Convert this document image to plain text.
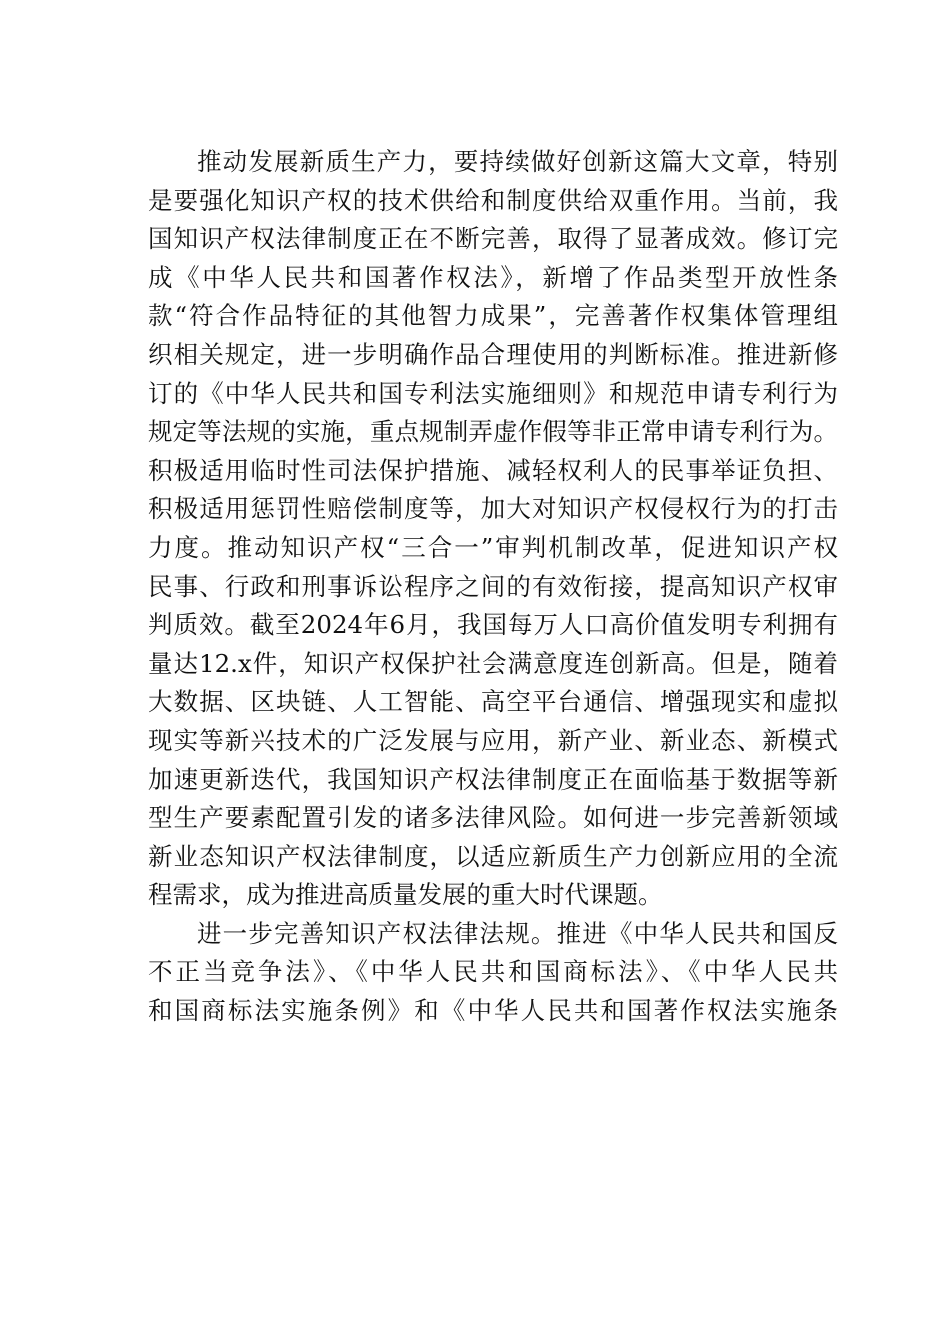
推动发展新质生产力，要持续做好创新这篇大文章，特别
是要强化知识产权的技术供给和制度供给双重作用。当前，我
国知识产权法律制度正在不断完善，取得了显著成效。修订完
成《中华人民共和国著作权法》，新增了作品类型开放性条
款“符合作品特征的其他智力成果”，完善著作权集体管理组
织相关规定，进一步明确作品合理使用的判断标准。推进新修
订的《中华人民共和国专利法实施细则》和规范申请专利行为
规定等法规的实施，重点规制弄虚作假等非正常申请专利行为。
积极适用临时性司法保护措施、减轻权利人的民事举证负担、
积极适用惩罚性赔偿制度等，加大对知识产权侵权行为的打击
力度。推动知识产权“三合一”审判机制改革，促进知识产权
民事、行政和刑事诉讼程序之间的有效衔接，提高知识产权审
判质效。截至2024年6月，我国每万人口高价值发明专利拥有
量达12.x件，知识产权保护社会满意度连创新高。但是，随着
大数据、区块链、人工智能、高空平台通信、增强现实和虚拟
现实等新兴技术的广泛发展与应用，新产业、新业态、新模式
加速更新迭代，我国知识产权法律制度正在面临基于数据等新
型生产要素配置引发的诸多法律风险。如何进一步完善新领域
新业态知识产权法律制度，以适应新质生产力创新应用的全流
程需求，成为推进高质量发展的重大时代课题。
进一步完善知识产权法律法规。推进《中华人民共和国反
不正当竞争法》、《中华人民共和国商标法》、《中华人民共
和国商标法实施条例》和《中华人民共和国著作权法实施条
